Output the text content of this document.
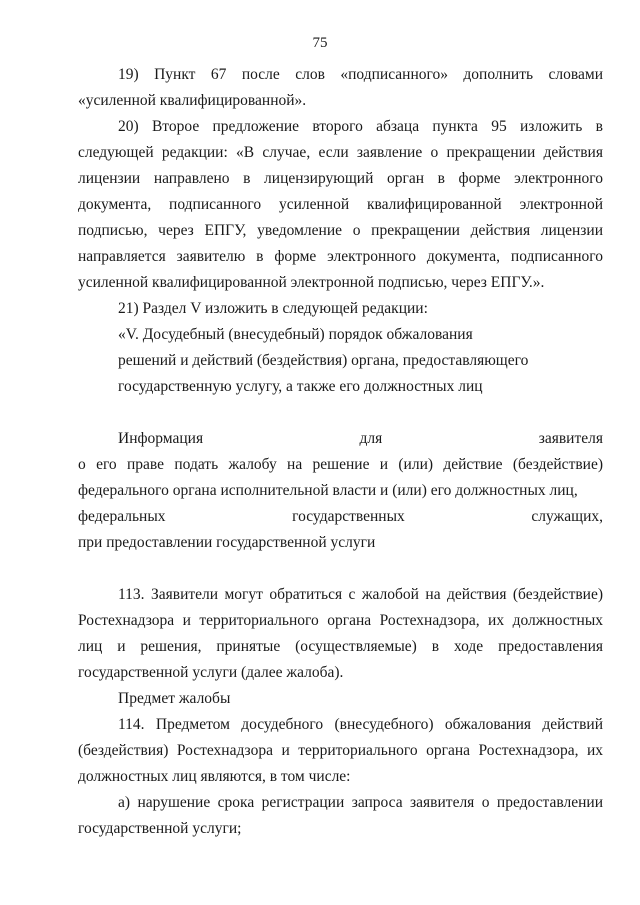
75
19) Пункт 67 после слов «подписанного» дополнить словами «усиленной квалифицированной».
20) Второе предложение второго абзаца пункта 95 изложить в следующей редакции: «В случае, если заявление о прекращении действия лицензии направлено в лицензирующий орган в форме электронного документа, подписанного усиленной квалифицированной электронной подписью, через ЕПГУ, уведомление о прекращении действия лицензии направляется заявителю в форме электронного документа, подписанного усиленной квалифицированной электронной подписью, через ЕПГУ.».
21) Раздел V изложить в следующей редакции:
«V. Досудебный (внесудебный) порядок обжалования
решений и действий (бездействия) органа, предоставляющего
государственную услугу, а также его должностных лиц
Информация для заявителя
о его праве подать жалобу на решение и (или) действие (бездействие) федерального органа исполнительной власти и (или) его должностных лиц,
федеральных государственных служащих,
при предоставлении государственной услуги
113. Заявители могут обратиться с жалобой на действия (бездействие) Ростехнадзора и территориального органа Ростехнадзора, их должностных лиц и решения, принятые (осуществляемые) в ходе предоставления государственной услуги (далее жалоба).
Предмет жалобы
114. Предметом досудебного (внесудебного) обжалования действий (бездействия) Ростехнадзора и территориального органа Ростехнадзора, их должностных лиц являются, в том числе:
а) нарушение срока регистрации запроса заявителя о предоставлении государственной услуги;
